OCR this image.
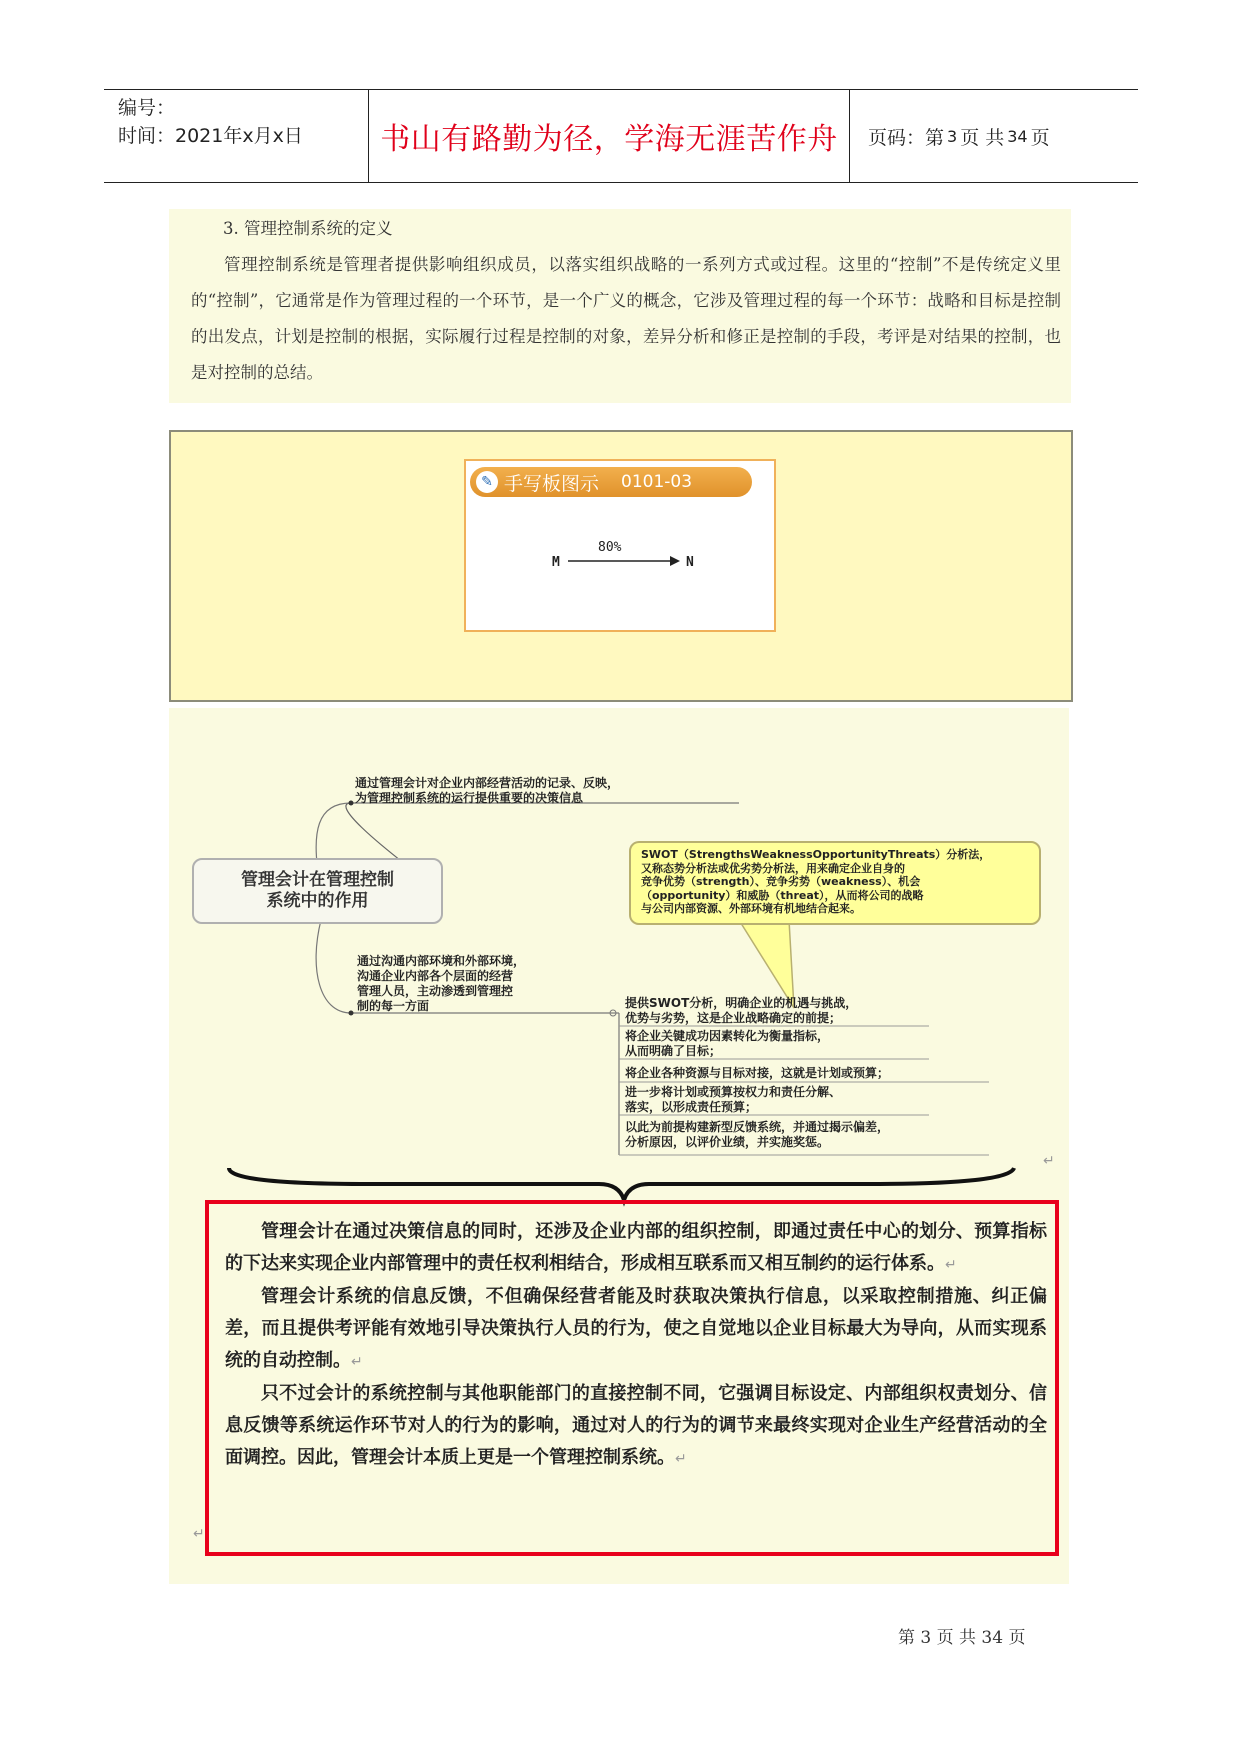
编号：
时间：2021年x月x日	书山有路勤为径，学海无涯苦作舟	页码：第 3 页 共 34 页
3. 管理控制系统的定义
管理控制系统是管理者提供影响组织成员，以落实组织战略的一系列方式或过程。这里的“控制”不是传统定义里的“控制”，它通常是作为管理过程的一个环节，是一个广义的概念，它涉及管理过程的每一个环节：战略和目标是控制的出发点，计划是控制的根据，实际履行过程是控制的对象，差异分析和修正是控制的手段，考评是对结果的控制，也是对控制的总结。
✎ 手写板图示 0101-03
M
80%
N
通过管理会计对企业内部经营活动的记录、反映，
为管理控制系统的运行提供重要的决策信息
管理会计在管理控制
系统中的作用
SWOT（StrengthsWeaknessOpportunityThreats）分析法，
又称态势分析法或优劣势分析法，用来确定企业自身的
竞争优势（strength）、竞争劣势（weakness）、机会
（opportunity）和威胁（threat），从而将公司的战略
与公司内部资源、外部环境有机地结合起来。
通过沟通内部环境和外部环境，
沟通企业内部各个层面的经营
管理人员，主动渗透到管理控
制的每一方面	提供SWOT分析，明确企业的机遇与挑战，
优势与劣势，这是企业战略确定的前提；
将企业关键成功因素转化为衡量指标，
从而明确了目标；
将企业各种资源与目标对接，这就是计划或预算；
进一步将计划或预算按权力和责任分解、
落实，以形成责任预算；
以此为前提构建新型反馈系统，并通过揭示偏差，
分析原因，以评价业绩，并实施奖惩。
↵

管理会计在通过决策信息的同时，还涉及企业内部的组织控制，即通过责任中心的划分、预算指标的下达来实现企业内部管理中的责任权利相结合，形成相互联系而又相互制约的运行体系。↵

管理会计系统的信息反馈，不但确保经营者能及时获取决策执行信息，以采取控制措施、纠正偏差，而且提供考评能有效地引导决策执行人员的行为，使之自觉地以企业目标最大为导向，从而实现系统的自动控制。↵

只不过会计的系统控制与其他职能部门的直接控制不同，它强调目标设定、内部组织权责划分、信息反馈等系统运作环节对人的行为的影响，通过对人的行为的调节来最终实现对企业生产经营活动的全面调控。因此，管理会计本质上更是一个管理控制系统。↵

↵
第 3 页 共 34 页
